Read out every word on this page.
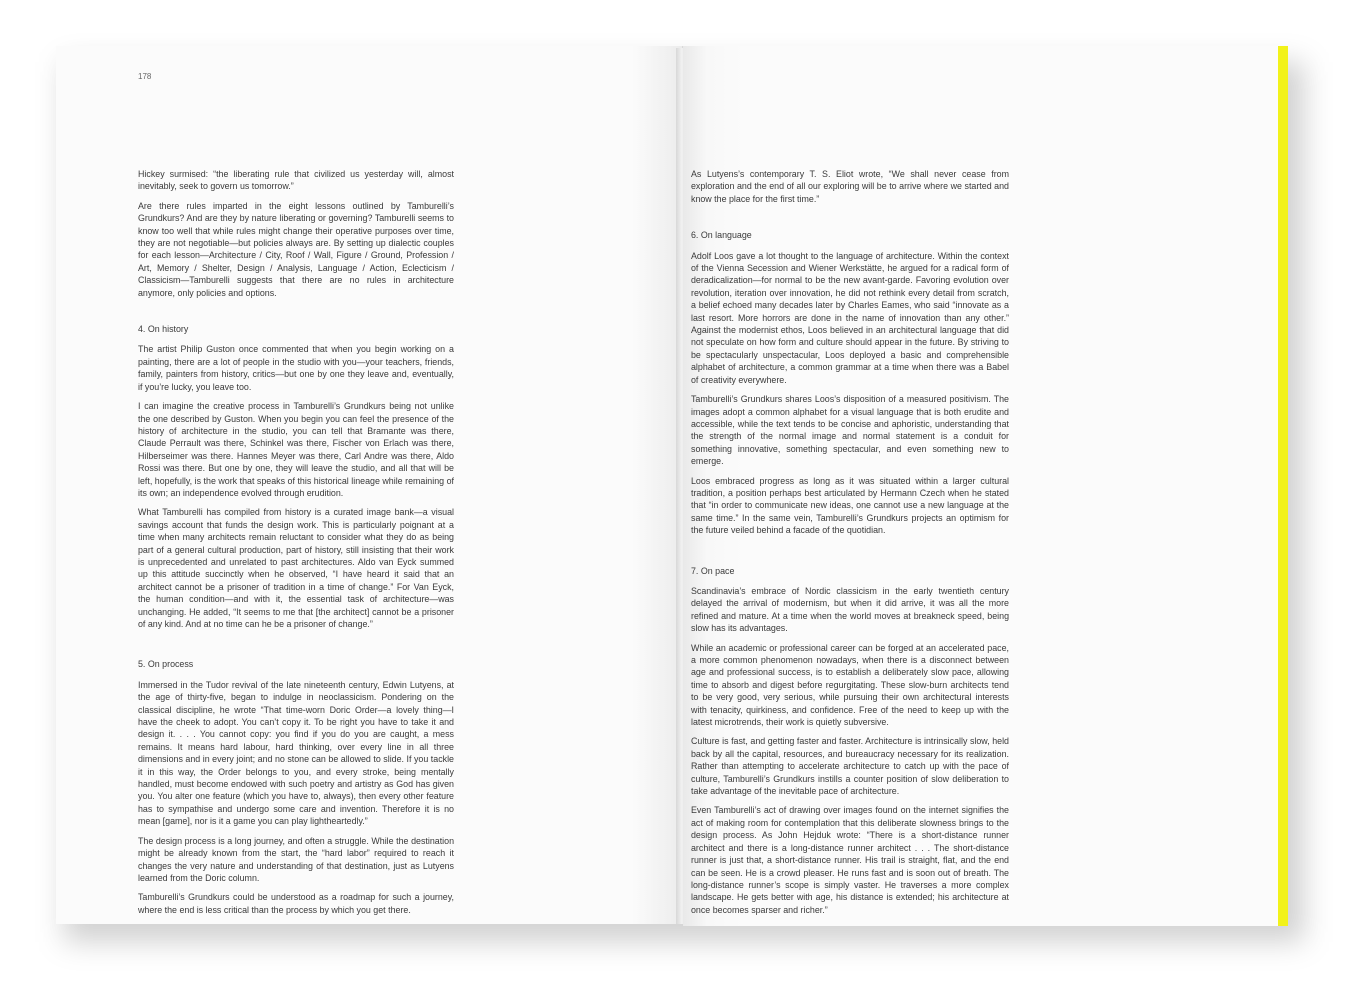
178

Hickey surmised: “the liberating rule that civilized us yesterday will, almost inevitably, seek to govern us tomorrow.”

Are there rules imparted in the eight lessons outlined by Tamburelli’s Grundkurs? And are they by nature liberating or governing? Tamburelli seems to know too well that while rules might change their operative purposes over time, they are not negotiable—but policies always are. By setting up dialectic couples for each lesson—Architecture / City, Roof / Wall, Figure / Ground, Profession / Art, Memory / Shelter, Design / Analysis, Language / Action, Eclecticism / Classicism—Tamburelli suggests that there are no rules in architecture anymore, only policies and options.

4. On history

The artist Philip Guston once commented that when you begin working on a painting, there are a lot of people in the studio with you—your teachers, friends, family, painters from history, critics—but one by one they leave and, eventually, if you’re lucky, you leave too.

I can imagine the creative process in Tamburelli’s Grundkurs being not unlike the one described by Guston. When you begin you can feel the presence of the history of architecture in the studio, you can tell that Bramante was there, Claude Perrault was there, Schinkel was there, Fischer von Erlach was there, Hilberseimer was there. Hannes Meyer was there, Carl Andre was there, Aldo Rossi was there. But one by one, they will leave the studio, and all that will be left, hopefully, is the work that speaks of this historical lineage while remaining of its own; an independence evolved through erudition.

What Tamburelli has compiled from history is a curated image bank—a visual savings account that funds the design work. This is particularly poignant at a time when many architects remain reluctant to consider what they do as being part of a general cultural production, part of history, still insisting that their work is unprecedented and unrelated to past architectures. Aldo van Eyck summed up this attitude succinctly when he observed, “I have heard it said that an architect cannot be a prisoner of tradition in a time of change.” For Van Eyck, the human condition—and with it, the essential task of architecture—was unchanging. He added, “It seems to me that [the architect] cannot be a prisoner of any kind. And at no time can he be a prisoner of change.”

5. On process

Immersed in the Tudor revival of the late nineteenth century, Edwin Lutyens, at the age of thirty-five, began to indulge in neoclassicism. Pondering on the classical discipline, he wrote “That time-worn Doric Order—a lovely thing—I have the cheek to adopt. You can’t copy it. To be right you have to take it and design it. . . . You cannot copy: you find if you do you are caught, a mess remains. It means hard labour, hard thinking, over every line in all three dimensions and in every joint; and no stone can be allowed to slide. If you tackle it in this way, the Order belongs to you, and every stroke, being mentally handled, must become endowed with such poetry and artistry as God has given you. You alter one feature (which you have to, always), then every other feature has to sympathise and undergo some care and invention. Therefore it is no mean [game], nor is it a game you can play lightheartedly.”

The design process is a long journey, and often a struggle. While the destination might be already known from the start, the “hard labor” required to reach it changes the very nature and understanding of that destination, just as Lutyens learned from the Doric column.

Tamburelli’s Grundkurs could be understood as a roadmap for such a journey, where the end is less critical than the process by which you get there.

As Lutyens’s contemporary T. S. Eliot wrote, “We shall never cease from exploration and the end of all our exploring will be to arrive where we started and know the place for the first time.”

6. On language

Adolf Loos gave a lot thought to the language of architecture. Within the context of the Vienna Secession and Wiener Werkstätte, he argued for a radical form of deradicalization—for normal to be the new avant-garde. Favoring evolution over revolution, iteration over innovation, he did not rethink every detail from scratch, a belief echoed many decades later by Charles Eames, who said “innovate as a last resort. More horrors are done in the name of innovation than any other.” Against the modernist ethos, Loos believed in an architectural language that did not speculate on how form and culture should appear in the future. By striving to be spectacularly unspectacular, Loos deployed a basic and comprehensible alphabet of architecture, a common grammar at a time when there was a Babel of creativity everywhere.

Tamburelli’s Grundkurs shares Loos’s disposition of a measured positivism. The images adopt a common alphabet for a visual language that is both erudite and accessible, while the text tends to be concise and aphoristic, understanding that the strength of the normal image and normal statement is a conduit for something innovative, something spectacular, and even something new to emerge.

Loos embraced progress as long as it was situated within a larger cultural tradition, a position perhaps best articulated by Hermann Czech when he stated that “in order to communicate new ideas, one cannot use a new language at the same time.” In the same vein, Tamburelli’s Grundkurs projects an optimism for the future veiled behind a facade of the quotidian.

7. On pace

Scandinavia’s embrace of Nordic classicism in the early twentieth century delayed the arrival of modernism, but when it did arrive, it was all the more refined and mature. At a time when the world moves at breakneck speed, being slow has its advantages.

While an academic or professional career can be forged at an accelerated pace, a more common phenomenon nowadays, when there is a disconnect between age and professional success, is to establish a deliberately slow pace, allowing time to absorb and digest before regurgitating. These slow-burn architects tend to be very good, very serious, while pursuing their own architectural interests with tenacity, quirkiness, and confidence. Free of the need to keep up with the latest microtrends, their work is quietly subversive.

Culture is fast, and getting faster and faster. Architecture is intrinsically slow, held back by all the capital, resources, and bureaucracy necessary for its realization. Rather than attempting to accelerate architecture to catch up with the pace of culture, Tamburelli’s Grundkurs instills a counter position of slow deliberation to take advantage of the inevitable pace of architecture.

Even Tamburelli’s act of drawing over images found on the internet signifies the act of making room for contemplation that this deliberate slowness brings to the design process. As John Hejduk wrote: “There is a short-distance runner architect and there is a long-distance runner architect . . . The short-distance runner is just that, a short-distance runner. His trail is straight, flat, and the end can be seen. He is a crowd pleaser. He runs fast and is soon out of breath. The long-distance runner’s scope is simply vaster. He traverses a more complex landscape. He gets better with age, his distance is extended; his architecture at once becomes sparser and richer.”
